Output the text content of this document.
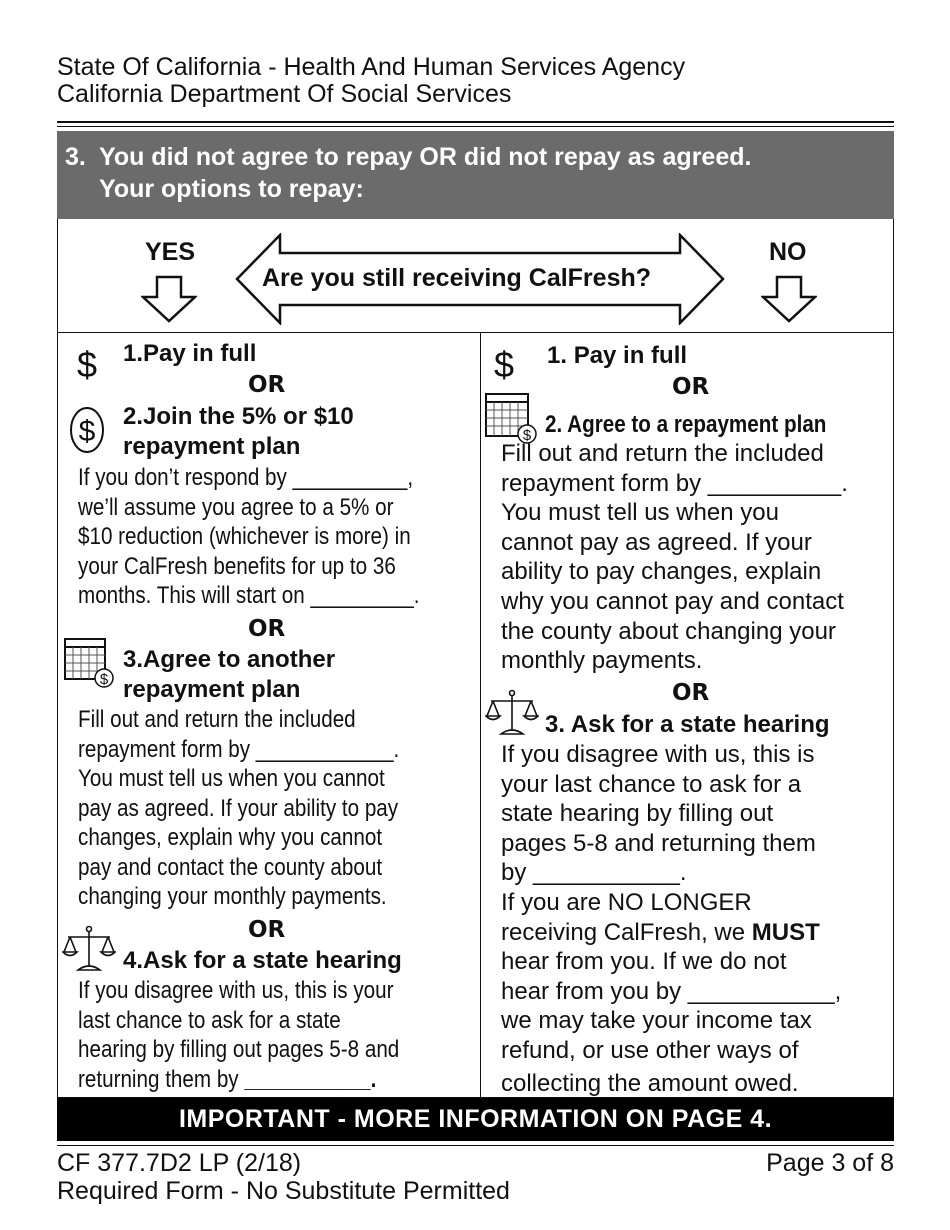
State Of California - Health And Human Services Agency
California Department Of Social Services
3. You did not agree to repay OR did not repay as agreed.
Your options to repay:
YES	NO
Are you still receiving CalFresh?
$ 1.Pay in full
OR
$ 2.Join the 5% or $10
repayment plan
If you don’t respond by __________,
we’ll assume you agree to a 5% or
$10 reduction (whichever is more) in
your CalFresh benefits for up to 36
months. This will start on _________.
OR
$
3.Agree to another
repayment plan
Fill out and return the included
repayment form by ____________.
You must tell us when you cannot
pay as agreed. If your ability to pay
changes, explain why you cannot
pay and contact the county about
changing your monthly payments.
OR
4.Ask for a state hearing
If you disagree with us, this is your
last chance to ask for a state
hearing by filling out pages 5-8 and
returning them by ___________.
$ 1. Pay in full
OR
$ 2. Agree to a repayment plan
Fill out and return the included
repayment form by __________.
You must tell us when you
cannot pay as agreed. If your
ability to pay changes, explain
why you cannot pay and contact
the county about changing your
monthly payments.
OR
3. Ask for a state hearing
If you disagree with us, this is
your last chance to ask for a
state hearing by filling out
pages 5-8 and returning them
by ___________.
If you are NO LONGER
receiving CalFresh, we MUST
hear from you. If we do not
hear from you by ___________,
we may take your income tax
refund, or use other ways of
collecting the amount owed.
IMPORTANT - MORE INFORMATION ON PAGE 4.
CF 377.7D2 LP (2/18)
Required Form - No Substitute Permitted
Page 3 of 8
